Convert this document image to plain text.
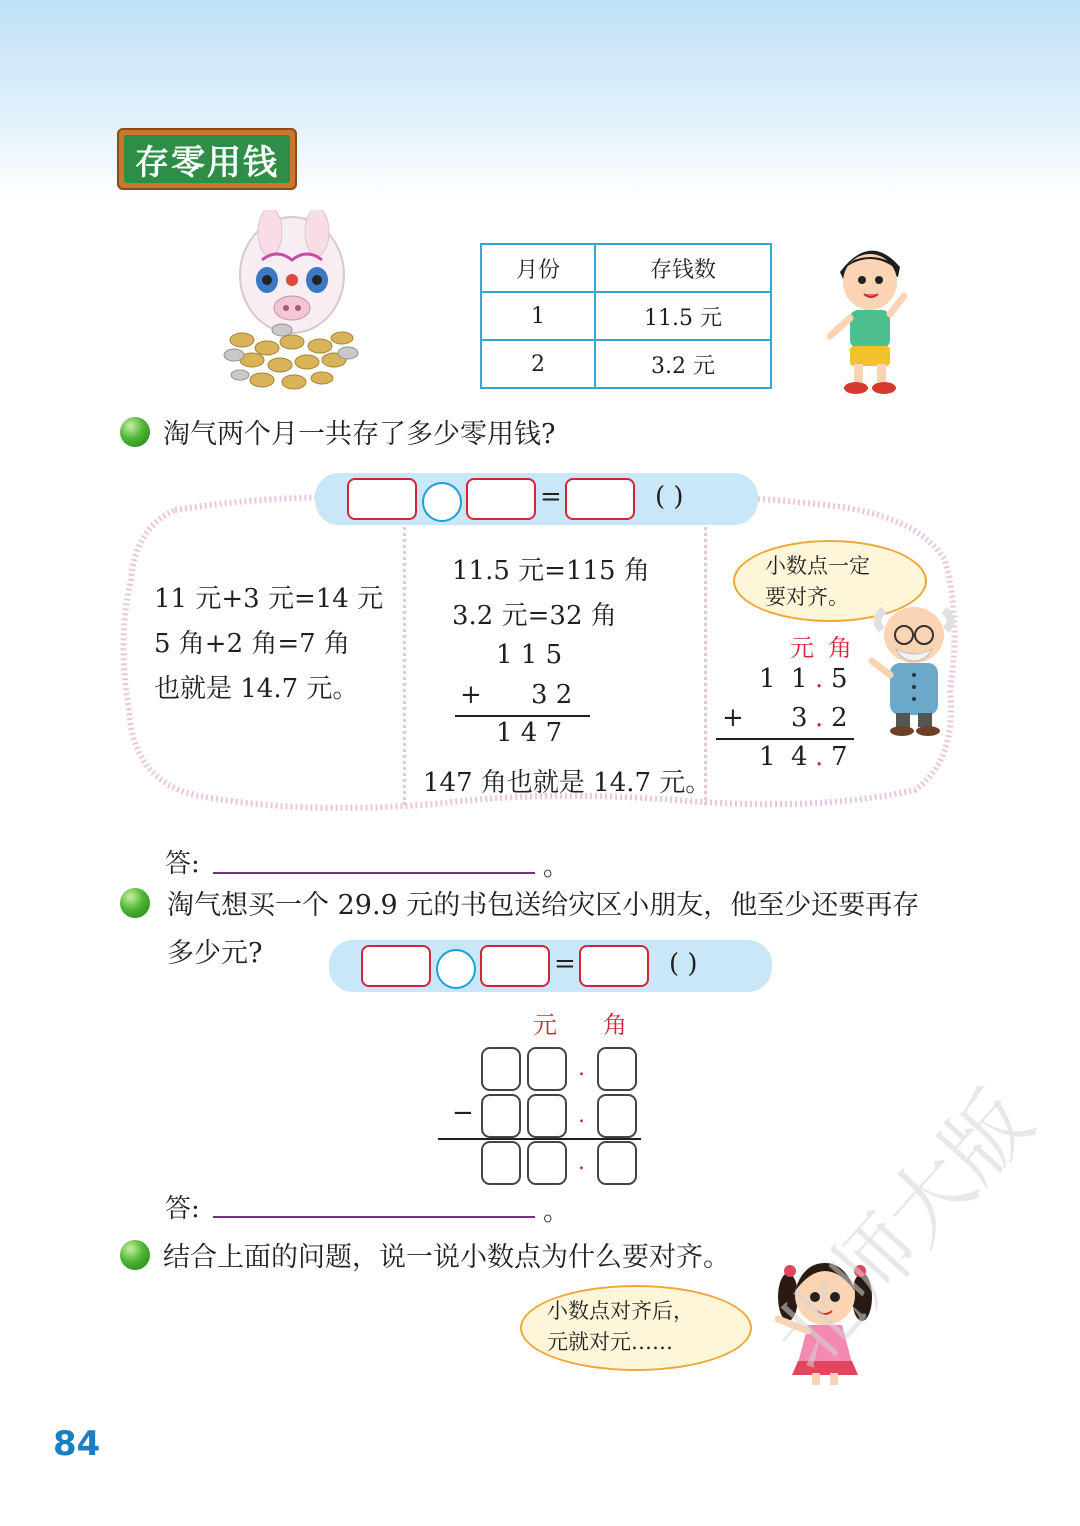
存零用钱
月份	存钱数
1	11.5 元
2	3.2 元
淘气两个月一共存了多少零用钱?
=	( )
11 元+3 元=14 元
5 角+2 角=7 角
也就是 14.7 元。
11.5 元=115 角
3.2 元=32 角
1 1 5
+ 3 2
1 4 7
147 角也就是 14.7 元。
小数点一定
要对齐。
元 角
1 1 . 5
+ 3 . 2
1 4 . 7
答:	。
淘气想买一个 29.9 元的书包送给灾区小朋友，他至少还要再存
多少元?	=	( )
元 角
.
−	.
.
答:	。
结合上面的问题，说一说小数点为什么要对齐。
小数点对齐后，
元就对元……
84
北师大版
